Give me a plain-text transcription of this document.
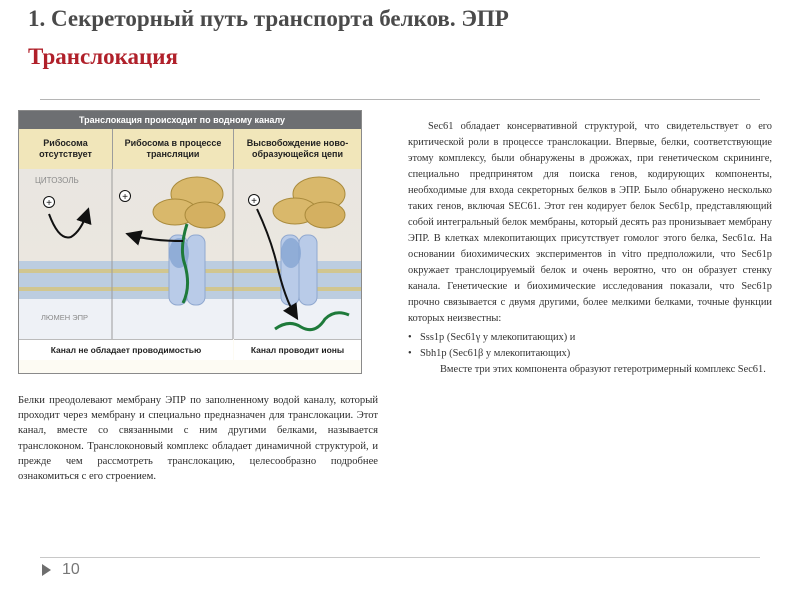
1. Секреторный путь транспорта белков. ЭПР
Транслокация
Транслокация происходит по водному каналу
Рибосома отсутствует
Рибосома в процессе трансляции
Высвобождение ново-образующейся цепи
ЦИТОЗОЛЬ
ЛЮМЕН ЭПР
+
+	+
Канал не обладает проводимостью	Канал проводит ионы

Белки преодолевают мембрану ЭПР по заполненному водой каналу, который проходит через мембрану и специально предназначен для транслокации. Этот канал, вместе со связанными с ним другими белками, называется транслоконом. Транслоконовый комплекс обладает динамичной структурой, и прежде чем рассмотреть транслокацию, целесообразно подробнее ознакомиться с его строением.

Sec61 обладает консервативной структурой, что свидетельствует о его критической роли в процессе транслокации. Впервые, белки, соответствующие этому комплексу, были обнаружены в дрожжах, при генетическом скрининге, специально предпринятом для поиска генов, кодирующих компоненты, необходимые для входа секреторных белков в ЭПР. Было обнаружено несколько таких генов, включая SEC61. Этот ген кодирует белок Sec61p, представляющий собой интегральный белок мембраны, который десять раз пронизывает мембрану ЭПР. В клетках млекопитающих присутствует гомолог этого белка, Sec61α. На основании биохимических экспериментов in vitro предположили, что Sec61p окружает транслоцируемый белок и очень вероятно, что он образует стенку канала. Генетические и биохимические исследования показали, что Sec61p прочно связывается с двумя другими, более мелкими белками, точные функции которых неизвестны:

• Sss1p (Sec61γ у млекопитающих) и
• Sbh1p (Sec61β у млекопитающих)

Вместе три этих компонента образуют гетеротримерный комплекс Sec61.

10
